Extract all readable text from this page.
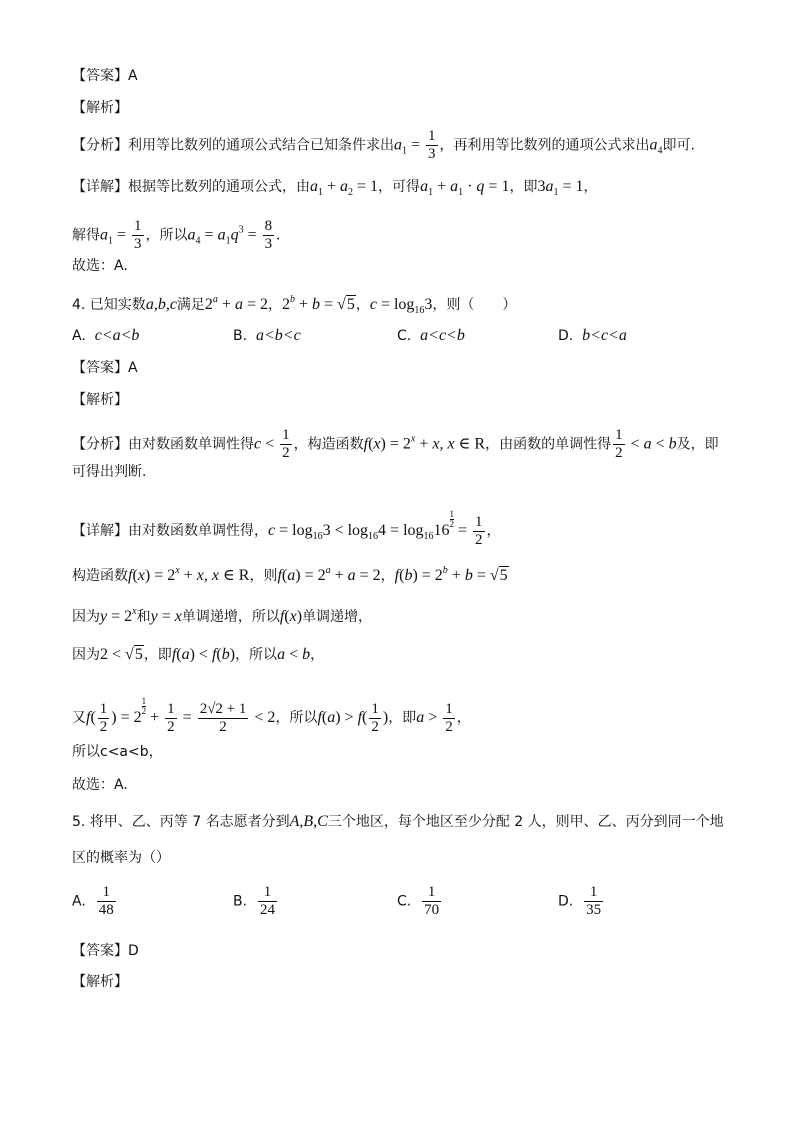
【答案】A
【解析】
【分析】利用等比数列的通项公式结合已知条件求出$a_1 = \frac{1}{3}$ ，再利用等比数列的通项公式求出$a_4$即可.
【详解】根据等比数列的通项公式，由$a_1 + a_2 = 1$，可得$a_1 + a_1 \cdot q = 1$，即$3a_1 = 1$，
解得$a_1 = \frac{1}{3}$ ，所以$a_4 = a_1q^3 = \frac{8}{3}$ .
故选：A.
4. 已知实数a,b,c满足$2^a + a = 2$，$2^b + b = √5$，$c = \log_{16}3$，则（　　）
A. c<a<b	B. a<b<c	C. a<c<b	D. b<c<a
【答案】A
【解析】
【分析】由对数函数单调性得$c < \frac{1}{2}$ ，构造函数$f(x) = 2^x + x$, x ∈ R，由函数的单调性得 $\frac{1}{2} < a < b$及，即
可得出判断.
【详解】由对数函数单调性得，$c = \log_{16}3 < \log_{16}4 = \log_{16}16$
$\frac{1}{2}$
= $\frac{1}{2}$ ，
构造函数$f(x) = 2^x + x$, x ∈ R，则$f(a) = 2^a + a = 2$，$f(b) = 2^b + b = √5$
因为$y = 2^x$和y = x单调递增，所以f(x)单调递增，
因为2 < √5，即f(a) < f(b)，所以a < b，
又$f( \frac{1}{2}$ ) = 2
$\frac{1}{2}$
+ $\frac{1}{2} = \frac{2√2 + 1}{2} < 2$，所以$f(a) > f( \frac{1}{2}$ )，即$a > \frac{1}{2}$ ，
所以c<a<b，
故选：A.
5. 将甲、乙、丙等 7 名志愿者分到A,B,C三个地区，每个地区至少分配 2 人，则甲、乙、丙分到同一个地
区的概率为（）
A. $\frac{1}{48}$	B. $\frac{1}{24}$	C. $\frac{1}{70}$	D. $\frac{1}{35}$
【答案】D
【解析】
